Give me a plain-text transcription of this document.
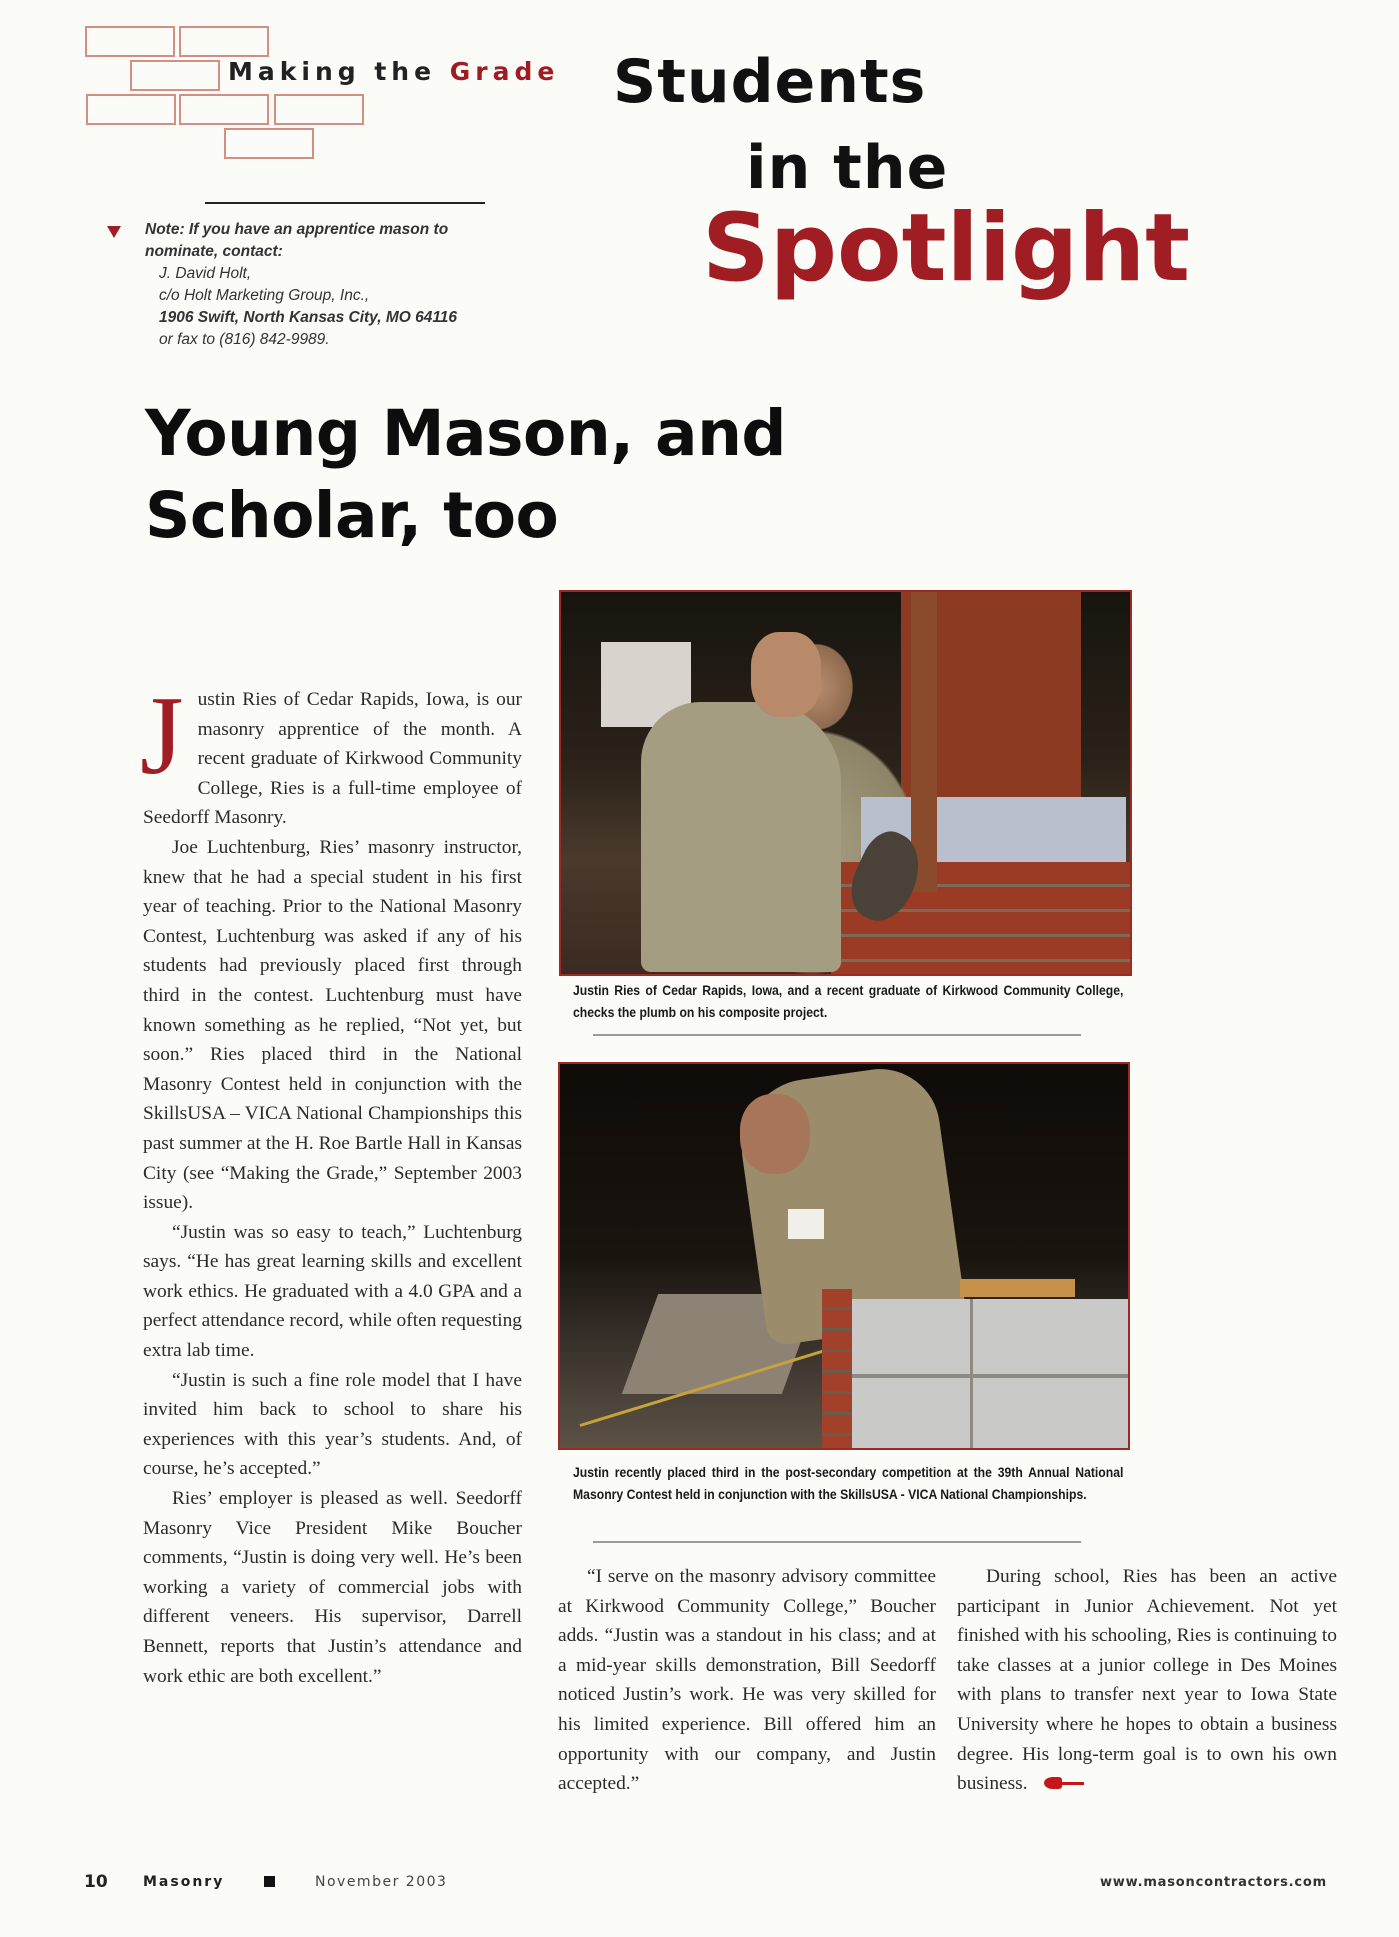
Making the Grade Students
in the
Spotlight
Note: If you have an apprentice mason to
nominate, contact:
J. David Holt,
c/o Holt Marketing Group, Inc.,
1906 Swift, North Kansas City, MO 64116
or fax to (816) 842-9989.
Young Mason, and
Scholar, too

Justin Ries of Cedar Rapids, Iowa, is our masonry apprentice of the month. A recent graduate of Kirkwood Community College, Ries is a full-time employee of Seedorff Masonry.

Joe Luchtenburg, Ries’ masonry instructor, knew that he had a special student in his first year of teaching. Prior to the National Masonry Contest, Luchtenburg was asked if any of his students had previously placed first through third in the contest. Luchtenburg must have known something as he replied, “Not yet, but soon.” Ries placed third in the National Masonry Contest held in conjunction with the SkillsUSA – VICA National Championships this past summer at the H. Roe Bartle Hall in Kansas City (see “Making the Grade,” September 2003 issue).

“Justin was so easy to teach,” Luchtenburg says. “He has great learning skills and excellent work ethics. He graduated with a 4.0 GPA and a perfect attendance record, while often requesting extra lab time.

“Justin is such a fine role model that I have invited him back to school to share his experiences with this year’s students. And, of course, he’s accepted.”

Ries’ employer is pleased as well. Seedorff Masonry Vice President Mike Boucher comments, “Justin is doing very well. He’s been working a variety of commercial jobs with different veneers. His supervisor, Darrell Bennett, reports that Justin’s attendance and work ethic are both excellent.”

Justin Ries of Cedar Rapids, Iowa, and a recent graduate of Kirkwood Community College, checks the plumb on his composite project.
Justin recently placed third in the post-secondary competition at the 39th Annual National Masonry Contest held in conjunction with the SkillsUSA - VICA National Championships.

“I serve on the masonry advisory committee at Kirkwood Community College,” Boucher adds. “Justin was a standout in his class; and at a mid-year skills demonstration, Bill Seedorff noticed Justin’s work. He was very skilled for his limited experience. Bill offered him an opportunity with our company, and Justin accepted.”

During school, Ries has been an active participant in Junior Achievement. Not yet finished with his schooling, Ries is continuing to take classes at a junior college in Des Moines with plans to transfer next year to Iowa State University where he hopes to obtain a business degree. His long-term goal is to own his own business.

10	Masonry	November 2003	www.masoncontractors.com
